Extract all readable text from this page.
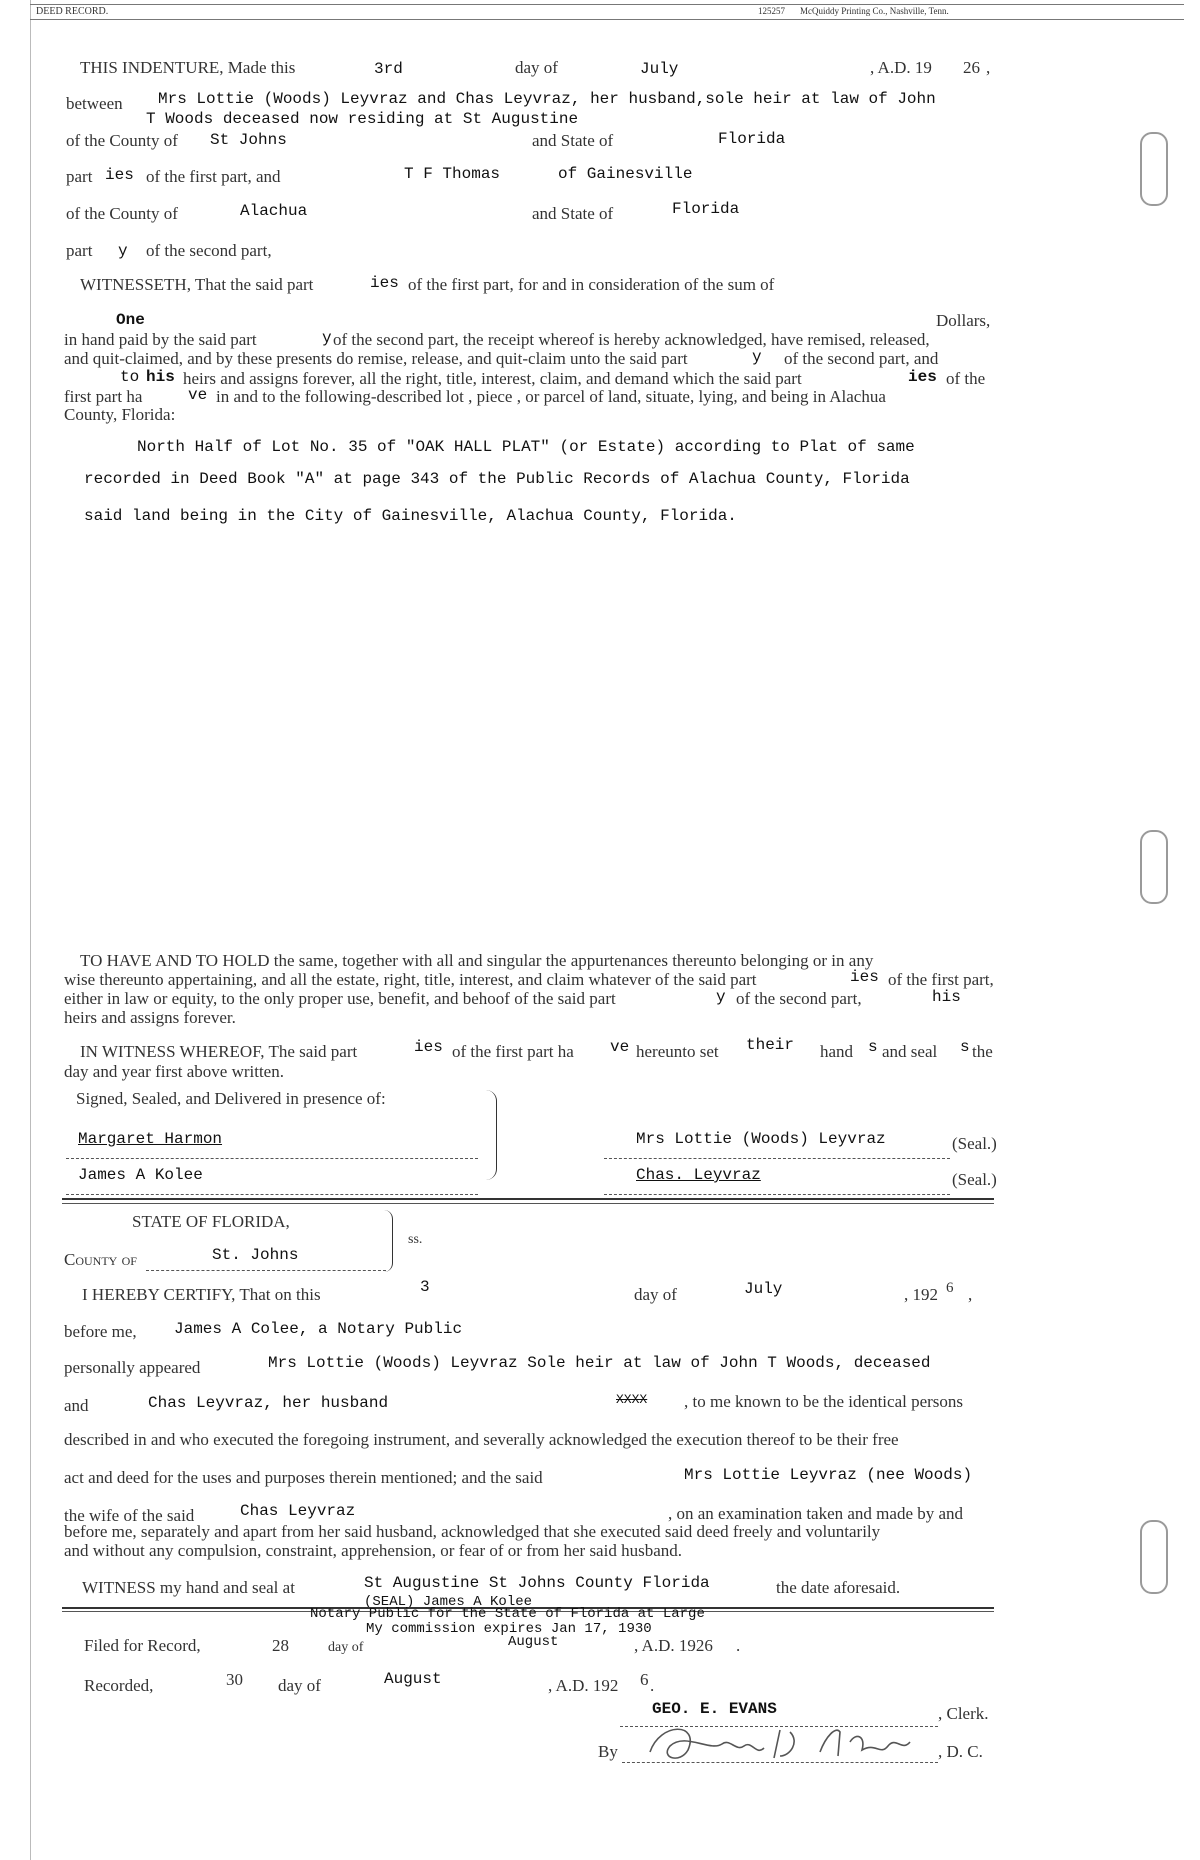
DEED RECORD.	125257 McQuiddy Printing Co., Nashville, Tenn.
THIS INDENTURE, Made this	3rd	day of	July	, A.D. 19 26 ,
between Mrs Lottie (Woods) Leyvraz and Chas Leyvraz, her husband,sole heir at law of John
T Woods deceased now residing at St Augustine
of the County of St Johns	and State of	Florida
part ies of the first part, and	T F Thomas	of Gainesville
of the County of	Alachua	and State of	Florida
part y of the second part,
WITNESSETH, That the said part	ies of the first part, for and in consideration of the sum of
One	Dollars,
in hand paid by the said part	y of the second part, the receipt whereof is hereby acknowledged, have remised, released,
and quit-claimed, and by these presents do remise, release, and quit-claim unto the said part	y of the second part, and
to his heirs and assigns forever, all the right, title, interest, claim, and demand which the said part	ies of the
first part ha	ve in and to the following-described lot , piece , or parcel of land, situate, lying, and being in Alachua
County, Florida:
North Half of Lot No. 35 of "OAK HALL PLAT" (or Estate) according to Plat of same
recorded in Deed Book "A" at page 343 of the Public Records of Alachua County, Florida
said land being in the City of Gainesville, Alachua County, Florida.
TO HAVE AND TO HOLD the same, together with all and singular the appurtenances thereunto belonging or in any
wise thereunto appertaining, and all the estate, right, title, interest, and claim whatever of the said part	ies of the first part,
either in law or equity, to the only proper use, benefit, and behoof of the said part	y of the second part,	his
heirs and assigns forever.
IN WITNESS WHEREOF, The said part	ies of the first part ha ve hereunto set their hand s and seal s the
day and year first above written.
Signed, Sealed, and Delivered in presence of:
Margaret Harmon
James A Kolee
Mrs Lottie (Woods) Leyvraz	(Seal.)
Chas. Leyvraz	(Seal.)
STATE OF FLORIDA,
County of	St. Johns
ss.
I HEREBY CERTIFY, That on this	3	day of	July	, 192 6 ,
before me, James A Colee, a Notary Public
personally appeared	Mrs Lottie (Woods) Leyvraz Sole heir at law of John T Woods, deceased
and	Chas Leyvraz, her husband	XXXX , to me known to be the identical persons
described in and who executed the foregoing instrument, and severally acknowledged the execution thereof to be their free
act and deed for the uses and purposes therein mentioned; and the said	Mrs Lottie Leyvraz (nee Woods)
the wife of the said	Chas Leyvraz	, on an examination taken and made by and
before me, separately and apart from her said husband, acknowledged that she executed said deed freely and voluntarily
and without any compulsion, constraint, apprehension, or fear of or from her said husband.
WITNESS my hand and seal at	St Augustine St Johns County Florida	the date aforesaid.
(SEAL) James A Kolee
Notary Public for the State of Florida at Large
My commission expires Jan 17, 1930
Filed for Record,	28	day of	August	, A.D. 1926 .
Recorded,	30 day of	August	, A.D. 192 6 .
GEO. E. EVANS	, Clerk.
By	, D. C.
